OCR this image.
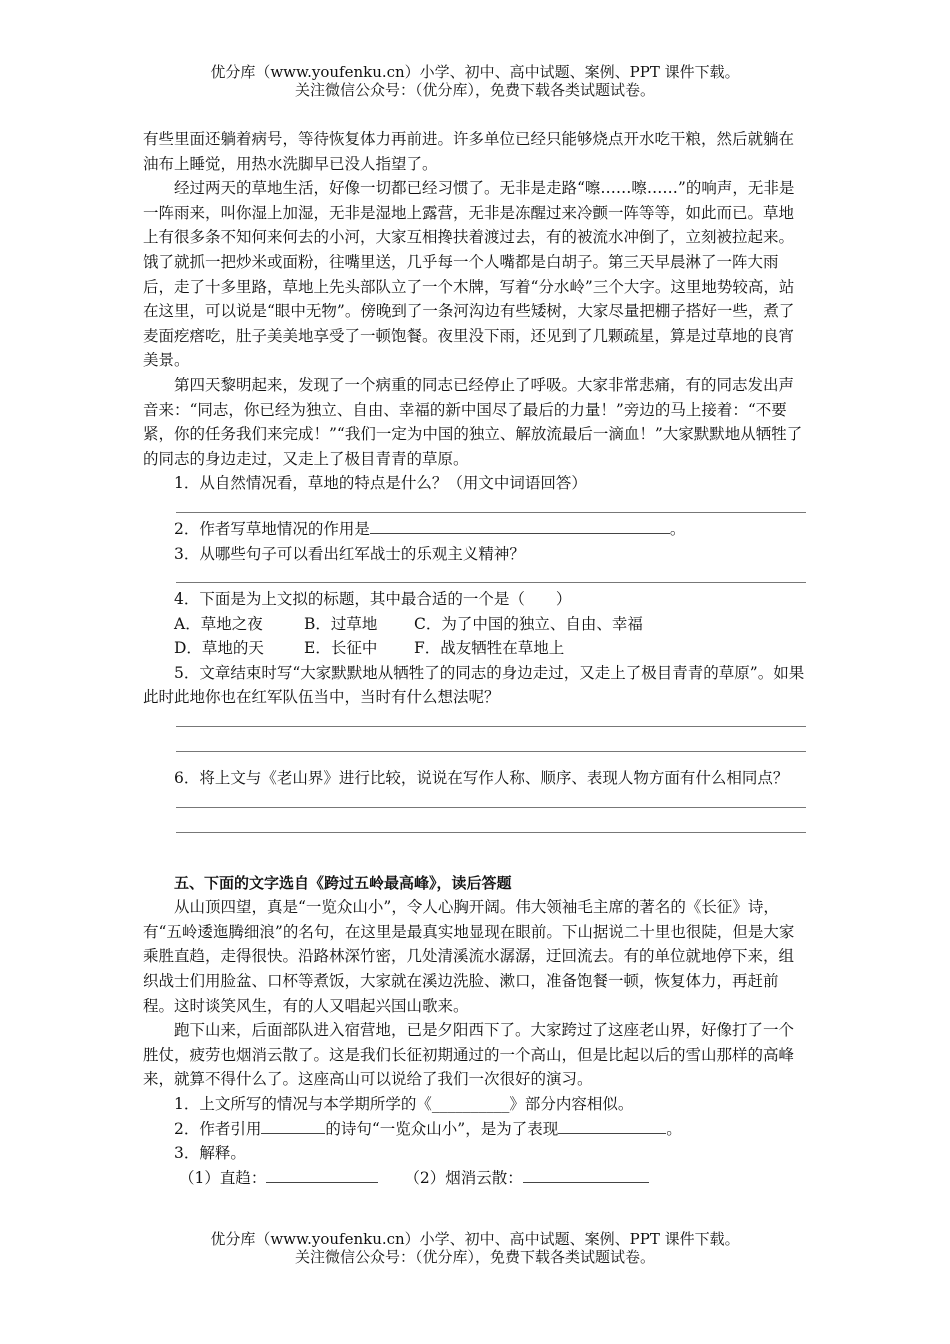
优分库（www.youfenku.cn）小学、初中、高中试题、案例、PPT 课件下载。
关注微信公众号：（优分库），免费下载各类试题试卷。

有些里面还躺着病号，等待恢复体力再前进。许多单位已经只能够烧点开水吃干粮，然后就躺在油布上睡觉，用热水洗脚早已没人指望了。

经过两天的草地生活，好像一切都已经习惯了。无非是走路“嚓……嚓……”的响声，无非是一阵雨来，叫你湿上加湿，无非是湿地上露营，无非是冻醒过来冷颤一阵等等，如此而已。草地上有很多条不知何来何去的小河，大家互相搀扶着渡过去，有的被流水冲倒了，立刻被拉起来。饿了就抓一把炒米或面粉，往嘴里送，几乎每一个人嘴都是白胡子。第三天早晨淋了一阵大雨后，走了十多里路，草地上先头部队立了一个木牌，写着“分水岭”三个大字。这里地势较高，站在这里，可以说是“眼中无物”。傍晚到了一条河沟边有些矮树，大家尽量把棚子搭好一些，煮了麦面疙瘩吃，肚子美美地享受了一顿饱餐。夜里没下雨，还见到了几颗疏星，算是过草地的良宵美景。

第四天黎明起来，发现了一个病重的同志已经停止了呼吸。大家非常悲痛，有的同志发出声音来：“同志，你已经为独立、自由、幸福的新中国尽了最后的力量！”旁边的马上接着：“不要紧，你的任务我们来完成！”“我们一定为中国的独立、解放流最后一滴血！”大家默默地从牺牲了的同志的身边走过，又走上了极目青青的草原。

1．从自然情况看，草地的特点是什么？（用文中词语回答）

2．作者写草地情况的作用是	。

3．从哪些句子可以看出红军战士的乐观主义精神？

4．下面是为上文拟的标题，其中最合适的一个是（　　）

A．草地之夜	B．过草地 C．为了中国的独立、自由、幸福

D．草地的天	E．长征中 F．战友牺牲在草地上

5．文章结束时写“大家默默地从牺牲了的同志的身边走过，又走上了极目青青的草原”。如果此时此地你也在红军队伍当中，当时有什么想法呢？

6．将上文与《老山界》进行比较，说说在写作人称、顺序、表现人物方面有什么相同点？

五、下面的文字选自《跨过五岭最高峰》，读后答题

从山顶四望，真是“一览众山小”，令人心胸开阔。伟大领袖毛主席的著名的《长征》诗，有“五岭逶迤腾细浪”的名句，在这里是最真实地显现在眼前。下山据说二十里也很陡，但是大家乘胜直趋，走得很快。沿路林深竹密，几处清溪流水潺潺，迂回流去。有的单位就地停下来，组织战士们用脸盆、口杯等煮饭，大家就在溪边洗脸、漱口，准备饱餐一顿，恢复体力，再赶前程。这时谈笑风生，有的人又唱起兴国山歌来。

跑下山来，后面部队进入宿营地，已是夕阳西下了。大家跨过了这座老山界，好像打了一个胜仗，疲劳也烟消云散了。这是我们长征初期通过的一个高山，但是比起以后的雪山那样的高峰来，就算不得什么了。这座高山可以说给了我们一次很好的演习。

1．上文所写的情况与本学期所学的《__________》部分内容相似。

2．作者引用	的诗句“一览众山小”，是为了表现	。

3．解释。

（1）直趋：	（2）烟消云散：

优分库（www.youfenku.cn）小学、初中、高中试题、案例、PPT 课件下载。
关注微信公众号：（优分库），免费下载各类试题试卷。
